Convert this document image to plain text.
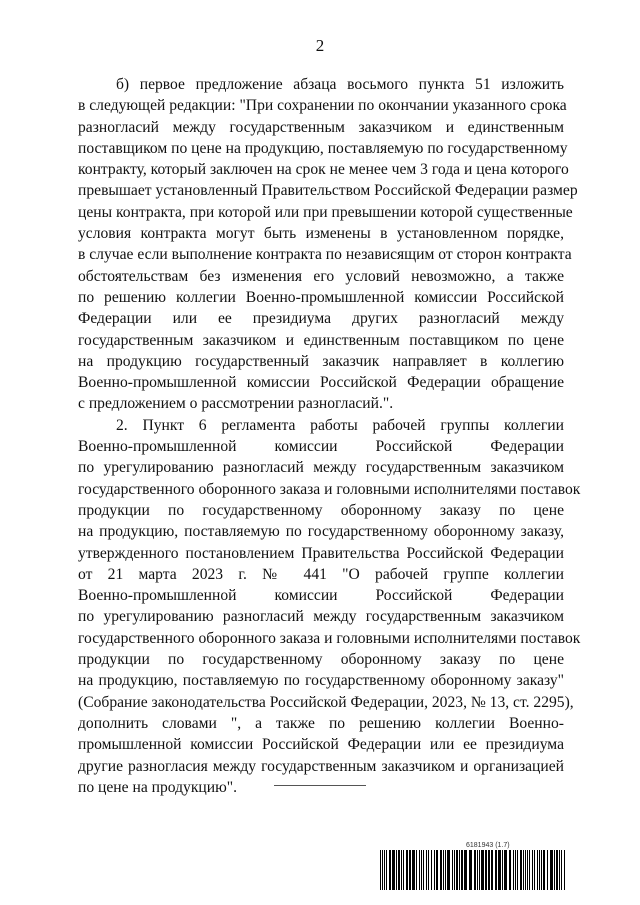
2
б) первое предложение абзаца восьмого пункта 51 изложить
в следующей редакции: "При сохранении по окончании указанного срока
разногласий между государственным заказчиком и единственным
поставщиком по цене на продукцию, поставляемую по государственному
контракту, который заключен на срок не менее чем 3 года и цена которого
превышает установленный Правительством Российской Федерации размер
цены контракта, при которой или при превышении которой существенные
условия контракта могут быть изменены в установленном порядке,
в случае если выполнение контракта по независящим от сторон контракта
обстоятельствам без изменения его условий невозможно, а также
по решению коллегии Военно-промышленной комиссии Российской
Федерации или ее президиума других разногласий между
государственным заказчиком и единственным поставщиком по цене
на продукцию государственный заказчик направляет в коллегию
Военно-промышленной комиссии Российской Федерации обращение
с предложением о рассмотрении разногласий.".
2. Пункт 6 регламента работы рабочей группы коллегии
Военно-промышленной комиссии Российской Федерации
по урегулированию разногласий между государственным заказчиком
государственного оборонного заказа и головными исполнителями поставок
продукции по государственному оборонному заказу по цене
на продукцию, поставляемую по государственному оборонному заказу,
утвержденного постановлением Правительства Российской Федерации
от 21 марта 2023 г. № 441 "О рабочей группе коллегии
Военно-промышленной комиссии Российской Федерации
по урегулированию разногласий между государственным заказчиком
государственного оборонного заказа и головными исполнителями поставок
продукции по государственному оборонному заказу по цене
на продукцию, поставляемую по государственному оборонному заказу"
(Собрание законодательства Российской Федерации, 2023, № 13, ст. 2295),
дополнить словами ", а также по решению коллегии Военно-
промышленной комиссии Российской Федерации или ее президиума
другие разногласия между государственным заказчиком и организацией
по цене на продукцию".
6181943 (1.7)
